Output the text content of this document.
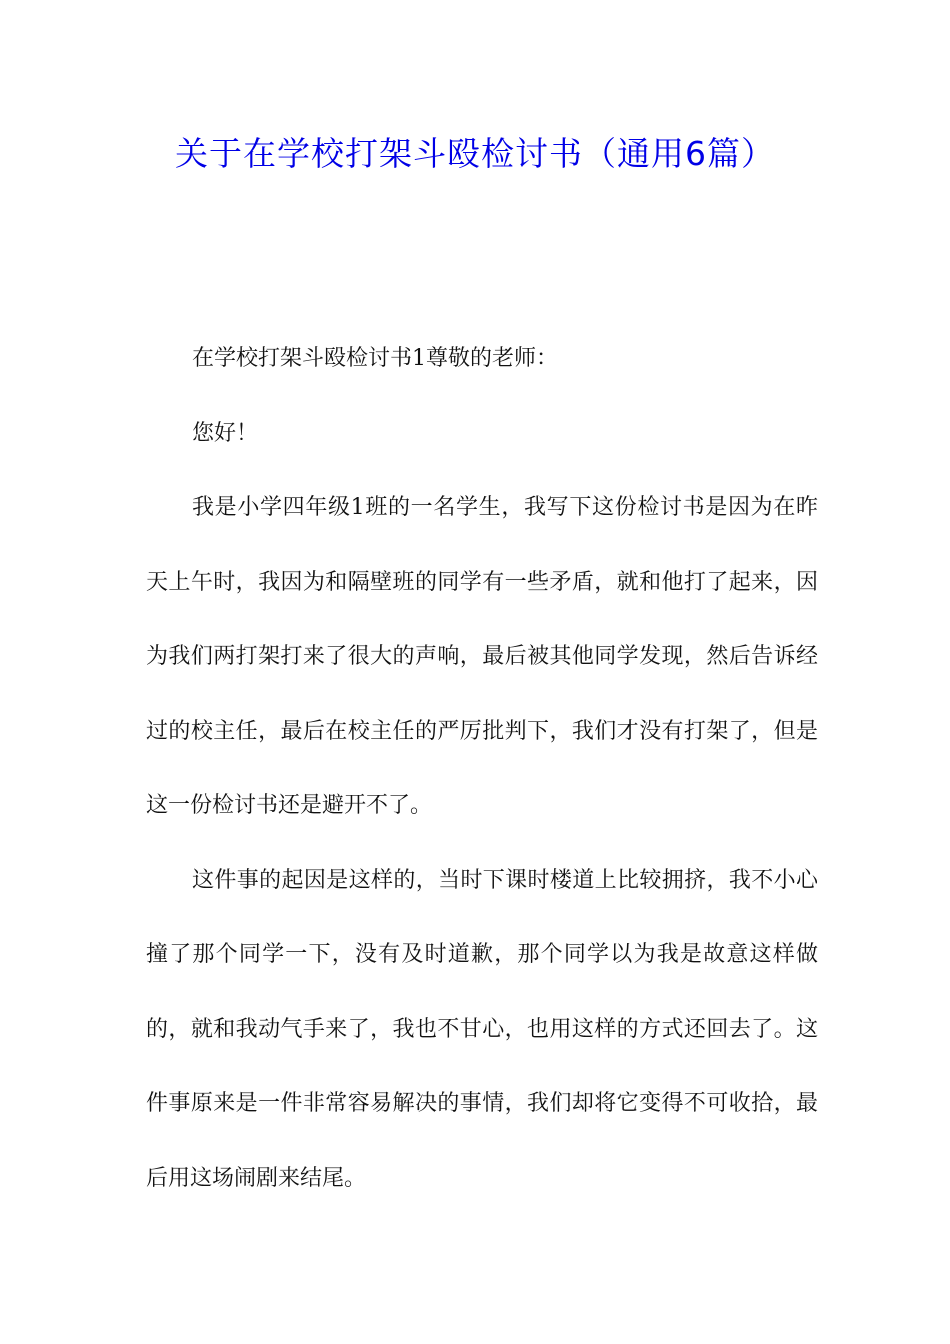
关于在学校打架斗殴检讨书（通用6篇）

在学校打架斗殴检讨书1尊敬的老师：

您好！

我是小学四年级1班的一名学生，我写下这份检讨书是因为在昨天上午时，我因为和隔壁班的同学有一些矛盾，就和他打了起来，因为我们两打架打来了很大的声响，最后被其他同学发现，然后告诉经过的校主任，最后在校主任的严厉批判下，我们才没有打架了，但是这一份检讨书还是避开不了。

这件事的起因是这样的，当时下课时楼道上比较拥挤，我不小心撞了那个同学一下，没有及时道歉，那个同学以为我是故意这样做的，就和我动气手来了，我也不甘心，也用这样的方式还回去了。这件事原来是一件非常容易解决的事情，我们却将它变得不可收拾，最后用这场闹剧来结尾。
